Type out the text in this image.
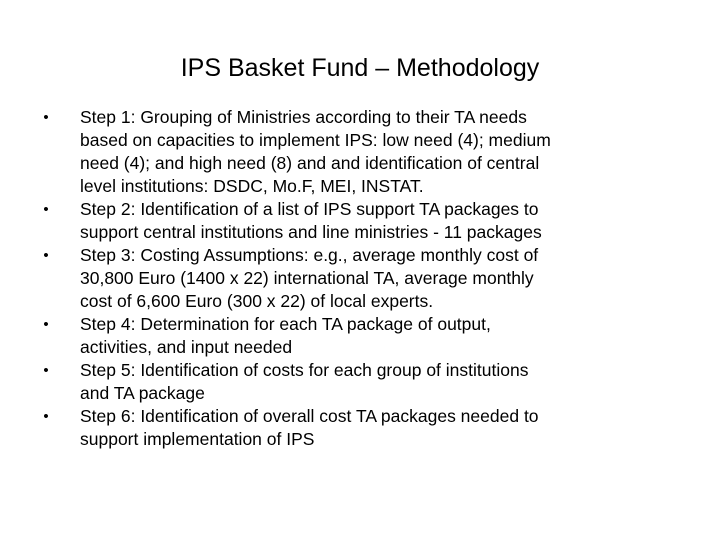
IPS Basket Fund – Methodology
•	Step 1: Grouping of Ministries according to their TA needs
based on capacities to implement IPS: low need (4); medium
need (4); and high need (8) and and identification of central
level institutions: DSDC, Mo.F, MEI, INSTAT.
•	Step 2: Identification of a list of IPS support TA packages to
support central institutions and line ministries - 11 packages
•	Step 3: Costing Assumptions: e.g., average monthly cost of
30,800 Euro (1400 x 22) international TA, average monthly
cost of 6,600 Euro (300 x 22) of local experts.
•	Step 4: Determination for each TA package of output,
activities, and input needed
•	Step 5: Identification of costs for each group of institutions
and TA package
•	Step 6: Identification of overall cost TA packages needed to
support implementation of IPS
